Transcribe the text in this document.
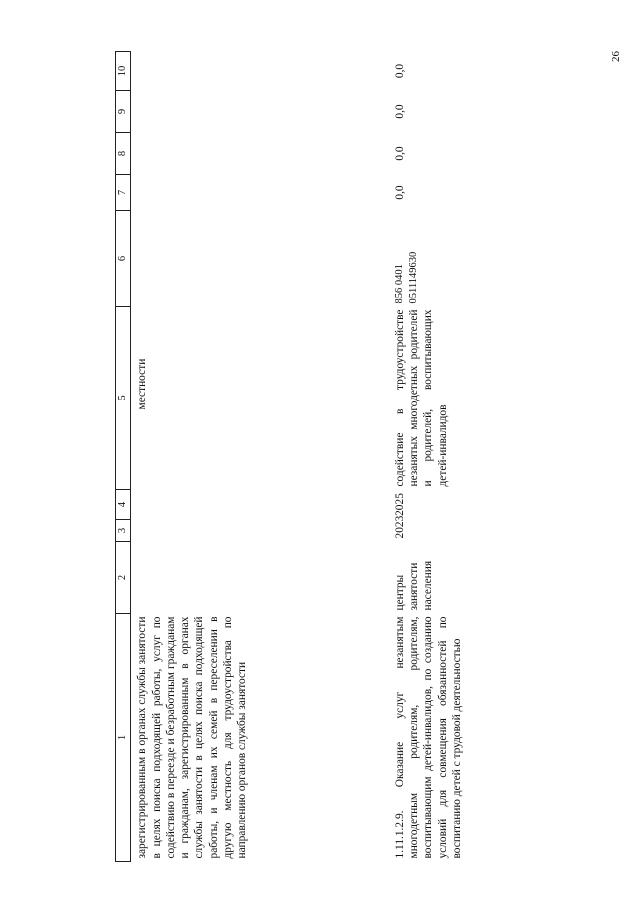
26
1	2	3	4	5	6	7	8	9	10
зарегистрированным в органах службы занятости в целях поиска подходящей работы, услуг по содействию в переезде и безработным гражданам и гражданам, зарегистрированным в органах службы занятости в целях поиска подходящей работы, и членам их семей в переселении в другую местность для трудоустройства по направлению органов службы занятости				местности					
1.11.1.2.9. Оказание услуг незанятым многодетным родителям, родителям, воспитывающим детей-инвалидов, по созданию условий для совмещения обязанностей по воспитанию детей с трудовой деятельностью	центры занятости населения	2023	2025	содействие в трудоустройстве незанятых многодетных родителей и родителей, воспитывающих детей-инвалидов	856 0401 0511149630	0,0	0,0	0,0	0,0
